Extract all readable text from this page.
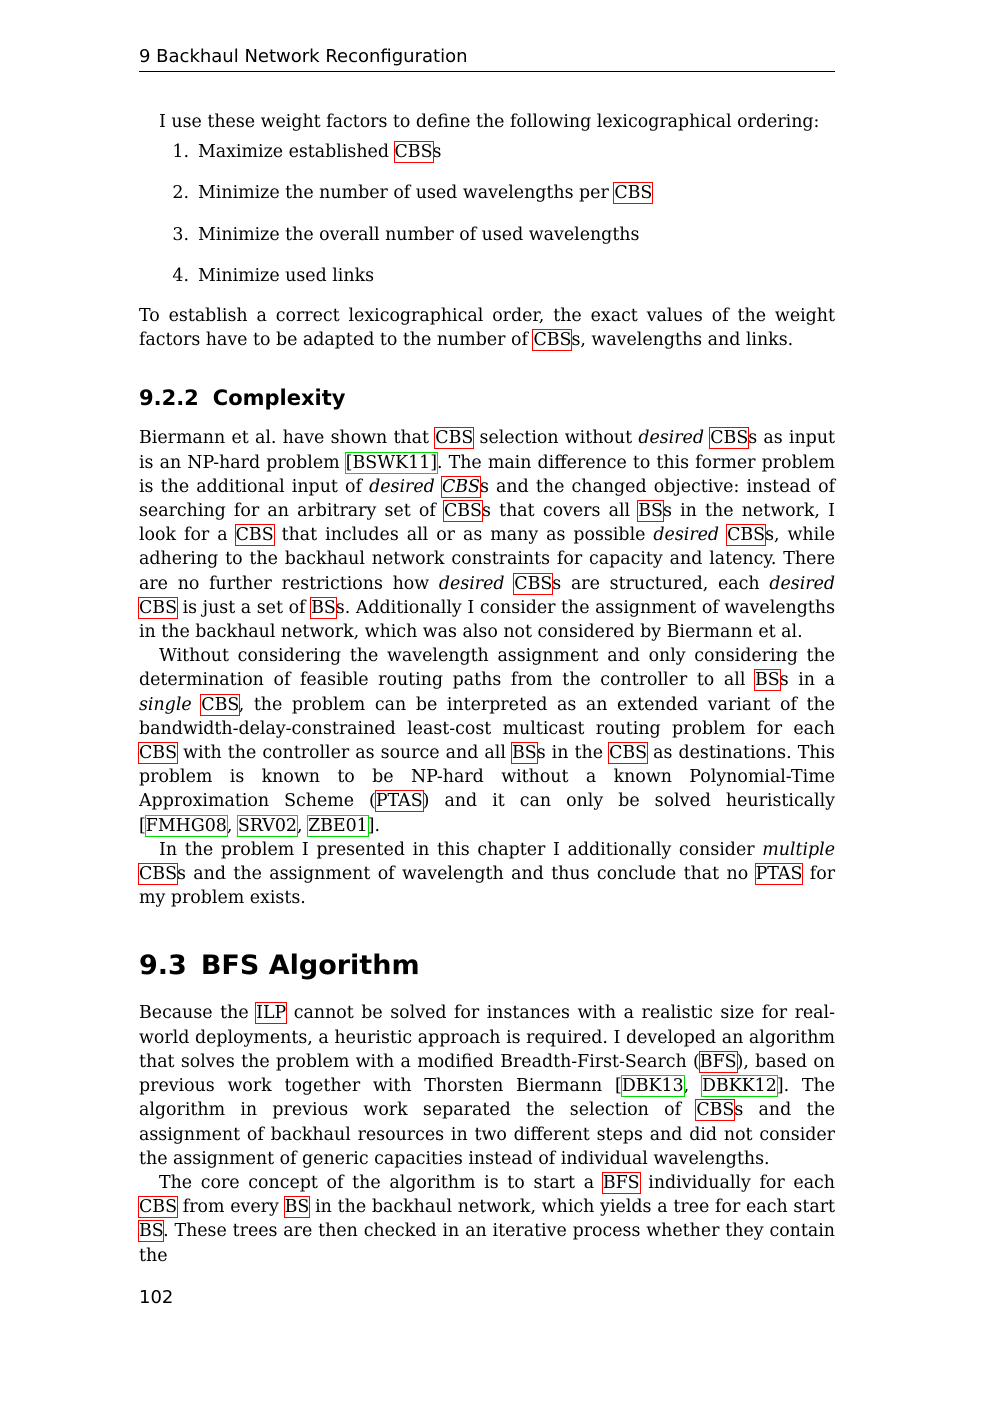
9 Backhaul Network Reconfiguration

I use these weight factors to define the following lexicographical ordering:

1. Maximize established CBSs
2. Minimize the number of used wavelengths per CBS
3. Minimize the overall number of used wavelengths
4. Minimize used links

To establish a correct lexicographical order, the exact values of the weight factors have to be adapted to the number of CBSs, wavelengths and links.

9.2.2 Complexity

Biermann et al. have shown that CBS selection without desired CBSs as input is an NP-hard problem [BSWK11]. The main difference to this former problem is the additional input of desired CBSs and the changed objective: instead of searching for an arbitrary set of CBSs that covers all BSs in the network, I look for a CBS that includes all or as many as possible desired CBSs, while adhering to the backhaul network constraints for capacity and latency. There are no further restrictions how desired CBSs are structured, each desired CBS is just a set of BSs. Additionally I consider the assignment of wavelengths in the backhaul network, which was also not considered by Biermann et al.

Without considering the wavelength assignment and only considering the determination of feasible routing paths from the controller to all BSs in a single CBS, the problem can be interpreted as an extended variant of the bandwidth-delay-constrained least-cost multicast routing problem for each CBS with the controller as source and all BSs in the CBS as destinations. This problem is known to be NP-hard without a known Polynomial-Time Approximation Scheme (PTAS) and it can only be solved heuristically [FMHG08, SRV02, ZBE01].

In the problem I presented in this chapter I additionally consider multiple CBSs and the assignment of wavelength and thus conclude that no PTAS for my problem exists.

9.3 BFS Algorithm

Because the ILP cannot be solved for instances with a realistic size for real-world deployments, a heuristic approach is required. I developed an algorithm that solves the problem with a modified Breadth-First-Search (BFS), based on previous work together with Thorsten Biermann [DBK13, DBKK12]. The algorithm in previous work separated the selection of CBSs and the assignment of backhaul resources in two different steps and did not consider the assignment of generic capacities instead of individual wavelengths.

The core concept of the algorithm is to start a BFS individually for each CBS from every BS in the backhaul network, which yields a tree for each start BS. These trees are then checked in an iterative process whether they contain the

102
